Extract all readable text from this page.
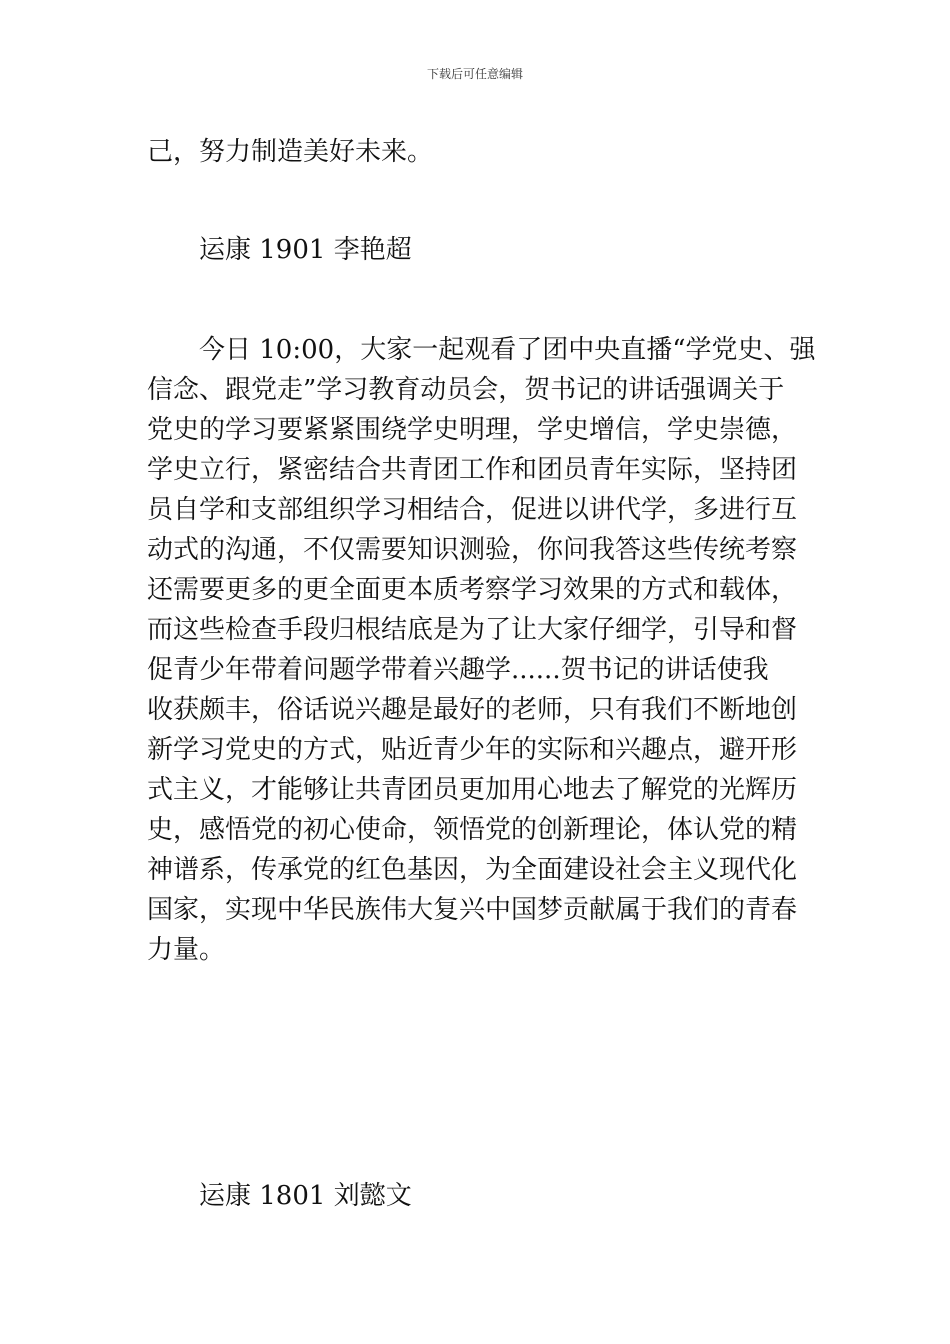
下载后可任意编辑
己，努力制造美好未来。
运康 1901 李艳超
今日 10:00，大家一起观看了团中央直播“学党史、强
信念、跟党走”学习教育动员会，贺书记的讲话强调关于
党史的学习要紧紧围绕学史明理，学史增信，学史崇德，
学史立行，紧密结合共青团工作和团员青年实际，坚持团
员自学和支部组织学习相结合，促进以讲代学，多进行互
动式的沟通，不仅需要知识测验，你问我答这些传统考察
还需要更多的更全面更本质考察学习效果的方式和载体，
而这些检查手段归根结底是为了让大家仔细学，引导和督
促青少年带着问题学带着兴趣学......贺书记的讲话使我
收获颇丰，俗话说兴趣是最好的老师，只有我们不断地创
新学习党史的方式，贴近青少年的实际和兴趣点，避开形
式主义，才能够让共青团员更加用心地去了解党的光辉历
史，感悟党的初心使命，领悟党的创新理论，体认党的精
神谱系，传承党的红色基因，为全面建设社会主义现代化
国家，实现中华民族伟大复兴中国梦贡献属于我们的青春
力量。
运康 1801 刘懿文
